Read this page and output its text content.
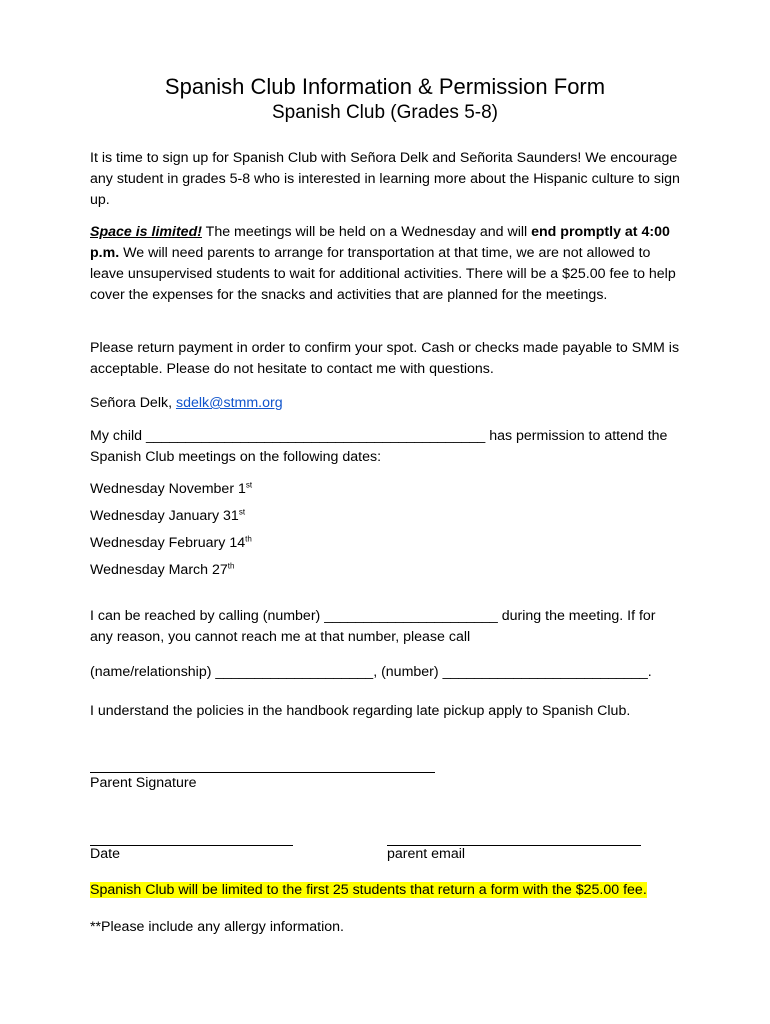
Spanish Club Information & Permission Form
Spanish Club (Grades 5-8)
It is time to sign up for Spanish Club with Señora Delk and Señorita Saunders! We encourage any student in grades 5-8 who is interested in learning more about the Hispanic culture to sign up.
Space is limited! The meetings will be held on a Wednesday and will end promptly at 4:00 p.m. We will need parents to arrange for transportation at that time, we are not allowed to leave unsupervised students to wait for additional activities. There will be a $25.00 fee to help cover the expenses for the snacks and activities that are planned for the meetings.
Please return payment in order to confirm your spot. Cash or checks made payable to SMM is acceptable. Please do not hesitate to contact me with questions.
Señora Delk, sdelk@stmm.org
My child ___________________________________________ has permission to attend the Spanish Club meetings on the following dates:
Wednesday November 1st
Wednesday January 31st
Wednesday February 14th
Wednesday March 27th
I can be reached by calling (number) ______________________ during the meeting. If for any reason, you cannot reach me at that number, please call
(name/relationship) ____________________, (number) __________________________.
I understand the policies in the handbook regarding late pickup apply to Spanish Club.
Parent Signature
Date	parent email
Spanish Club will be limited to the first 25 students that return a form with the $25.00 fee.
**Please include any allergy information.
